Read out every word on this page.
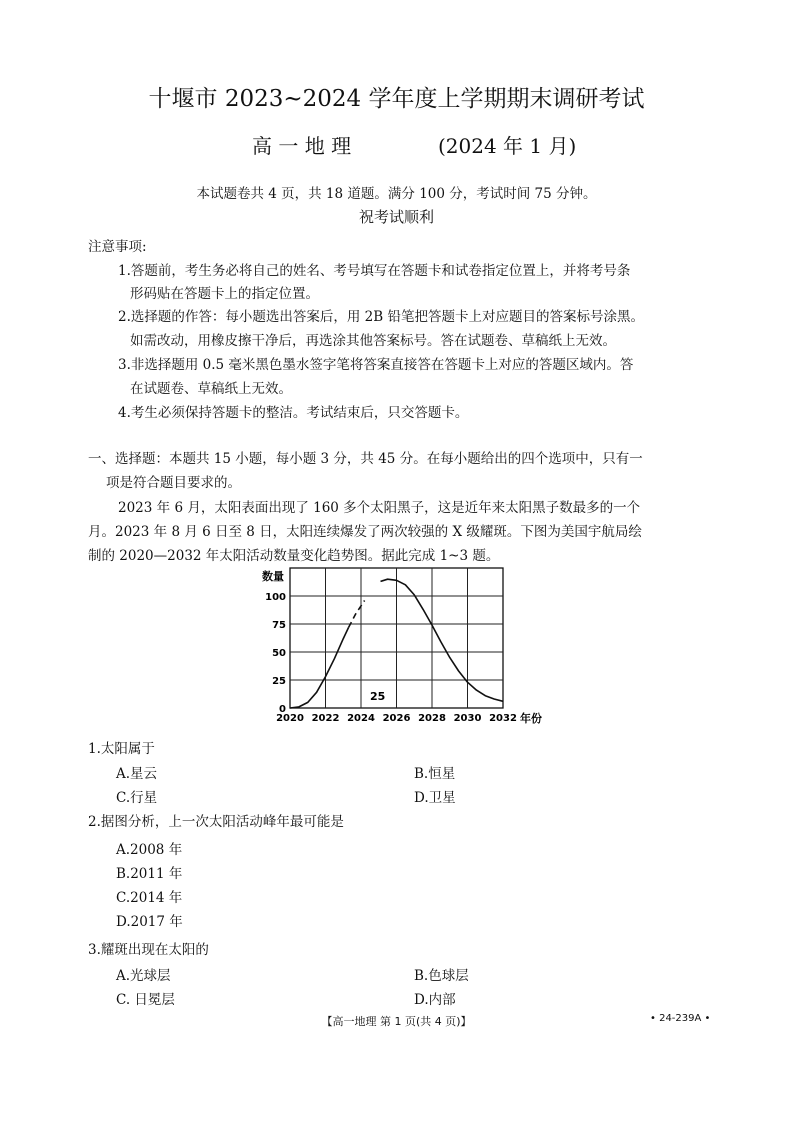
十堰市 2023~2024 学年度上学期期末调研考试
高 一 地 理	(2024 年 1 月)
本试题卷共 4 页，共 18 道题。满分 100 分，考试时间 75 分钟。
祝考试顺利
注意事项:
1.答题前，考生务必将自己的姓名、考号填写在答题卡和试卷指定位置上，并将考号条
形码贴在答题卡上的指定位置。
2.选择题的作答：每小题选出答案后，用 2B 铅笔把答题卡上对应题目的答案标号涂黑。
如需改动，用橡皮擦干净后，再选涂其他答案标号。答在试题卷、草稿纸上无效。
3.非选择题用 0.5 毫米黑色墨水签字笔将答案直接答在答题卡上对应的答题区域内。答
在试题卷、草稿纸上无效。
4.考生必须保持答题卡的整洁。考试结束后，只交答题卡。
一、选择题：本题共 15 小题，每小题 3 分，共 45 分。在每小题给出的四个选项中，只有一
项是符合题目要求的。
2023 年 6 月，太阳表面出现了 160 多个太阳黑子，这是近年来太阳黑子数最多的一个
月。2023 年 8 月 6 日至 8 日，太阳连续爆发了两次较强的 X 级耀斑。下图为美国宇航局绘
制的 2020—2032 年太阳活动数量变化趋势图。据此完成 1~3 题。
2020 2022 2024 2026 2028 2030 2032
0
25
50
75
100
数量
年份
25
1.太阳属于
A.星云	B.恒星
C.行星	D.卫星
2.据图分析，上一次太阳活动峰年最可能是
A.2008 年
B.2011 年
C.2014 年
D.2017 年
3.耀斑出现在太阳的
A.光球层	B.色球层
C. 日冕层	D.内部
【高一地理 第 1 页(共 4 页)】	• 24-239A •
